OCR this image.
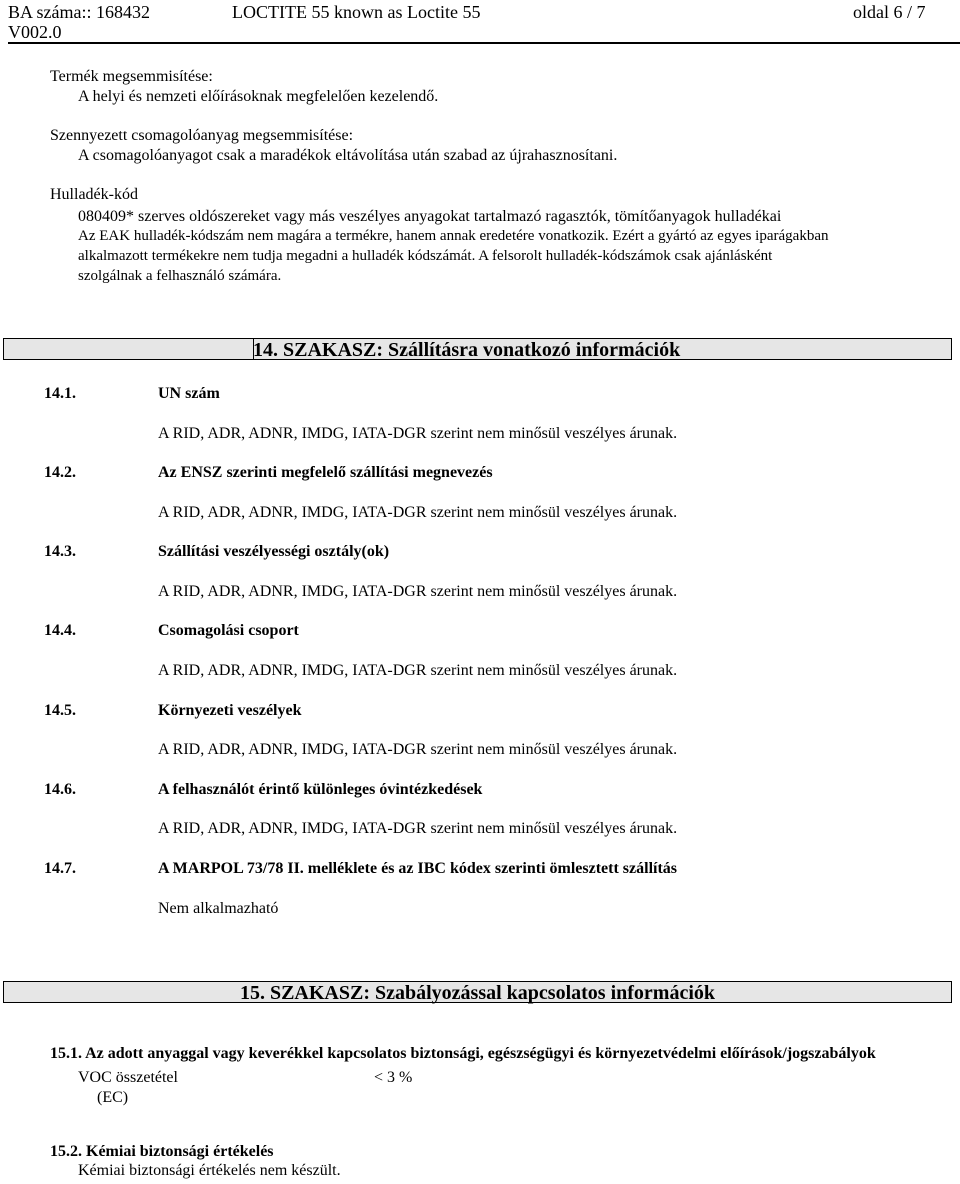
BA száma:: 168432
V002.0
LOCTITE 55 known as Loctite 55	oldal 6 / 7
Termék megsemmisítése:
A helyi és nemzeti előírásoknak megfelelően kezelendő.
Szennyezett csomagolóanyag megsemmisítése:
A csomagolóanyagot csak a maradékok eltávolítása után szabad az újrahasznosítani.
Hulladék-kód
080409* szerves oldószereket vagy más veszélyes anyagokat tartalmazó ragasztók, tömítőanyagok hulladékai
Az EAK hulladék-kódszám nem magára a termékre, hanem annak eredetére vonatkozik. Ezért a gyártó az egyes iparágakban
alkalmazott termékekre nem tudja megadni a hulladék kódszámát. A felsorolt hulladék-kódszámok csak ajánlásként
szolgálnak a felhasználó számára.
14. SZAKASZ: Szállításra vonatkozó információk
14.1.	UN szám
A RID, ADR, ADNR, IMDG, IATA-DGR szerint nem minősül veszélyes árunak.
14.2.	Az ENSZ szerinti megfelelő szállítási megnevezés
A RID, ADR, ADNR, IMDG, IATA-DGR szerint nem minősül veszélyes árunak.
14.3.	Szállítási veszélyességi osztály(ok)
A RID, ADR, ADNR, IMDG, IATA-DGR szerint nem minősül veszélyes árunak.
14.4.	Csomagolási csoport
A RID, ADR, ADNR, IMDG, IATA-DGR szerint nem minősül veszélyes árunak.
14.5.	Környezeti veszélyek
A RID, ADR, ADNR, IMDG, IATA-DGR szerint nem minősül veszélyes árunak.
14.6.	A felhasználót érintő különleges óvintézkedések
A RID, ADR, ADNR, IMDG, IATA-DGR szerint nem minősül veszélyes árunak.
14.7.	A MARPOL 73/78 II. melléklete és az IBC kódex szerinti ömlesztett szállítás
Nem alkalmazható
15. SZAKASZ: Szabályozással kapcsolatos információk
15.1. Az adott anyaggal vagy keverékkel kapcsolatos biztonsági, egészségügyi és környezetvédelmi előírások/jogszabályok
VOC összetétel	< 3 %
(EC)
15.2. Kémiai biztonsági értékelés
Kémiai biztonsági értékelés nem készült.
